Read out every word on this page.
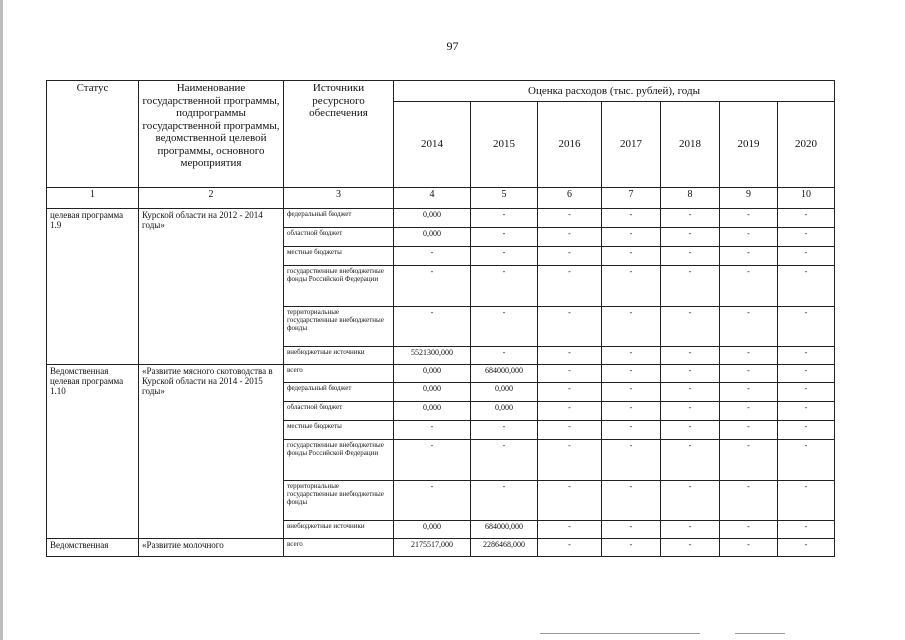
97
Статус	Наименование государственной программы, подпрограммы государственной программы, ведомственной целевой программы, основного мероприятия	Источники ресурсного обеспечения	Оценка расходов (тыс. рублей), годы						
			2014	2015	2016	2017	2018	2019	2020
1	2	3	4	5	6	7	8	9	10
целевая программа 1.9	Курской области на 2012 - 2014 годы»	федеральный бюджет	0,000	-	-	-	-	-	-
		областной бюджет	0,000	-	-	-	-	-	-
		местные бюджеты	-	-	-	-	-	-	-
		государственные внебюджетные фонды Российской Федерации	-	-	-	-	-	-	-
		территориальные государственные внебюджетные фонды	-	-	-	-	-	-	-
		внебюджетные источники	5521300,000	-	-	-	-	-	-
Ведомственная целевая программа 1.10	«Развитие мясного скотоводства в Курской области на 2014 - 2015 годы»	всего	0,000	684000,000	-	-	-	-	-
		федеральный бюджет	0,000	0,000	-	-	-	-	-
		областной бюджет	0,000	0,000	-	-	-	-	-
		местные бюджеты	-	-	-	-	-	-	-
		государственные внебюджетные фонды Российской Федерации	-	-	-	-	-	-	-
		территориальные государственные внебюджетные фонды	-	-	-	-	-	-	-
		внебюджетные источники	0,000	684000,000	-	-	-	-	-
Ведомственная	«Развитие молочного	всего	2175517,000	2286468,000	-	-	-	-	-
